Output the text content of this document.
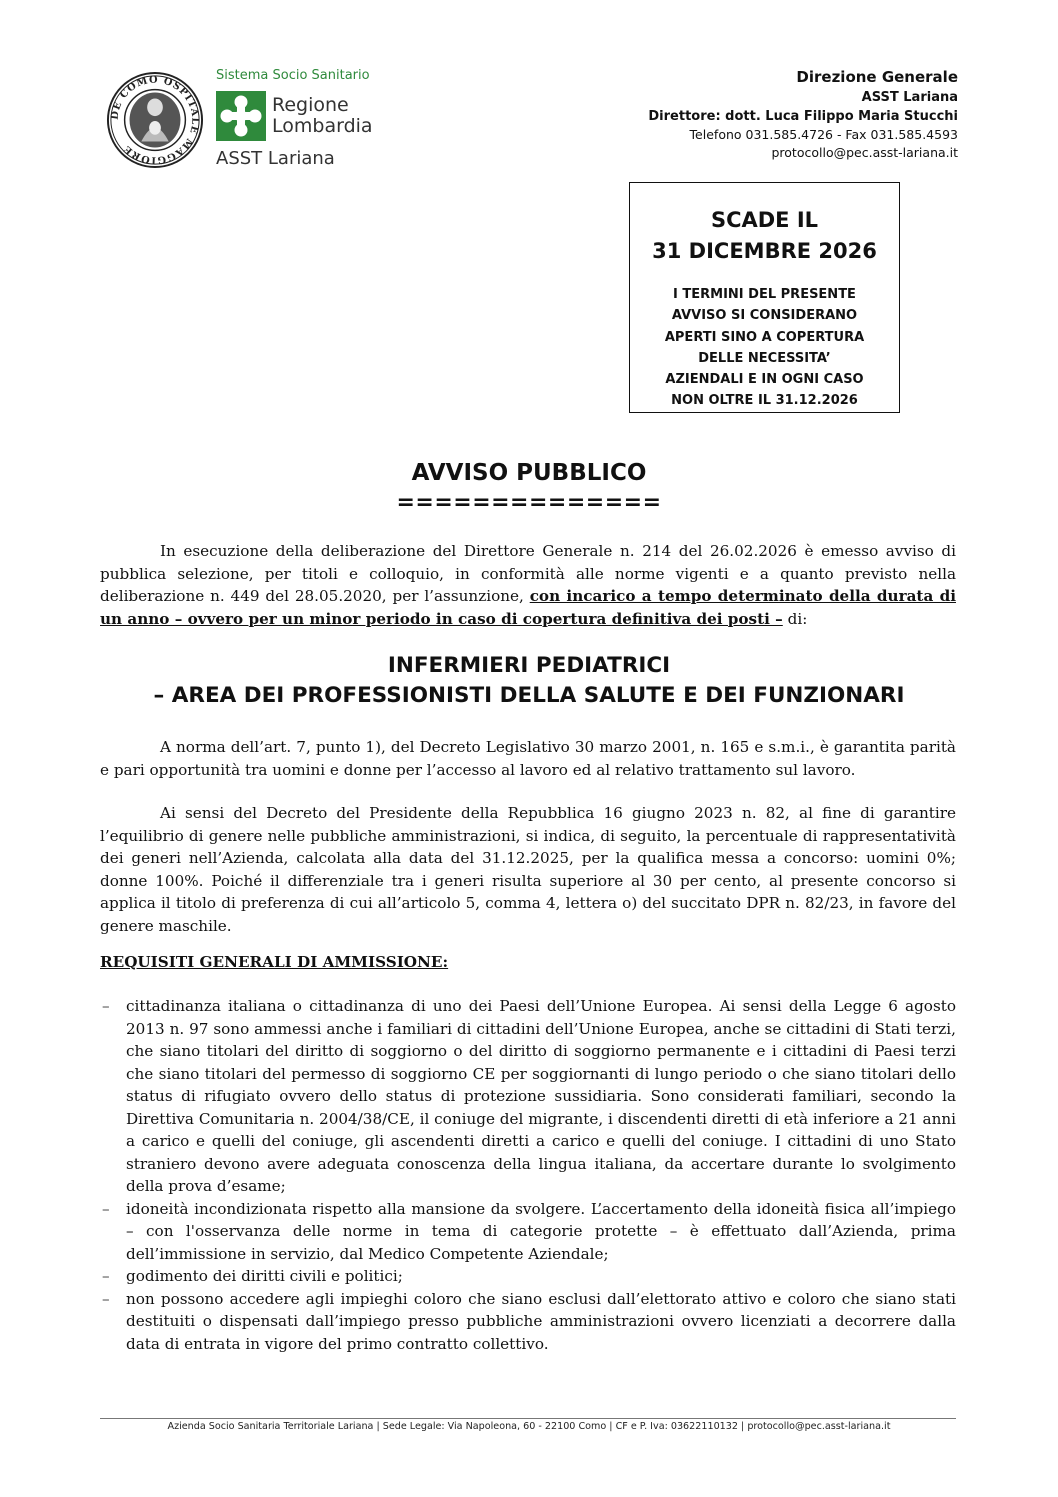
DE COMO OSPITALE MAGGIORE
Sistema Socio Sanitario
Regione
Lombardia
ASST Lariana
Direzione Generale
ASST Lariana
Direttore: dott. Luca Filippo Maria Stucchi
Telefono 031.585.4726 - Fax 031.585.4593
protocollo@pec.asst-lariana.it
SCADE IL
31 DICEMBRE 2026
I TERMINI DEL PRESENTE
AVVISO SI CONSIDERANO
APERTI SINO A COPERTURA
DELLE NECESSITA’
AZIENDALI E IN OGNI CASO
NON OLTRE IL 31.12.2026
AVVISO PUBBLICO
==============
In esecuzione della deliberazione del Direttore Generale n. 214 del 26.02.2026 è emesso avviso di pubblica selezione, per titoli e colloquio, in conformità alle norme vigenti e a quanto previsto nella deliberazione n. 449 del 28.05.2020, per l’assunzione, con incarico a tempo determinato della durata di un anno – ovvero per un minor periodo in caso di copertura definitiva dei posti – di:
INFERMIERI PEDIATRICI
– AREA DEI PROFESSIONISTI DELLA SALUTE E DEI FUNZIONARI
A norma dell’art. 7, punto 1), del Decreto Legislativo 30 marzo 2001, n. 165 e s.m.i., è garantita parità e pari opportunità tra uomini e donne per l’accesso al lavoro ed al relativo trattamento sul lavoro.
Ai sensi del Decreto del Presidente della Repubblica 16 giugno 2023 n. 82, al fine di garantire l’equilibrio di genere nelle pubbliche amministrazioni, si indica, di seguito, la percentuale di rappresentatività dei generi nell’Azienda, calcolata alla data del 31.12.2025, per la qualifica messa a concorso: uomini 0%; donne 100%. Poiché il differenziale tra i generi risulta superiore al 30 per cento, al presente concorso si applica il titolo di preferenza di cui all’articolo 5, comma 4, lettera o) del succitato DPR n. 82/23, in favore del genere maschile.
REQUISITI GENERALI DI AMMISSIONE:
– cittadinanza italiana o cittadinanza di uno dei Paesi dell’Unione Europea. Ai sensi della Legge 6 agosto 2013 n. 97 sono ammessi anche i familiari di cittadini dell’Unione Europea, anche se cittadini di Stati terzi, che siano titolari del diritto di soggiorno o del diritto di soggiorno permanente e i cittadini di Paesi terzi che siano titolari del permesso di soggiorno CE per soggiornanti di lungo periodo o che siano titolari dello status di rifugiato ovvero dello status di protezione sussidiaria. Sono considerati familiari, secondo la Direttiva Comunitaria n. 2004/38/CE, il coniuge del migrante, i discendenti diretti di età inferiore a 21 anni a carico e quelli del coniuge, gli ascendenti diretti a carico e quelli del coniuge. I cittadini di uno Stato straniero devono avere adeguata conoscenza della lingua italiana, da accertare durante lo svolgimento della prova d’esame;
– idoneità incondizionata rispetto alla mansione da svolgere. L’accertamento della idoneità fisica all’impiego – con l'osservanza delle norme in tema di categorie protette – è effettuato dall’Azienda, prima dell’immissione in servizio, dal Medico Competente Aziendale;
– godimento dei diritti civili e politici;
– non possono accedere agli impieghi coloro che siano esclusi dall’elettorato attivo e coloro che siano stati destituiti o dispensati dall’impiego presso pubbliche amministrazioni ovvero licenziati a decorrere dalla data di entrata in vigore del primo contratto collettivo.
Azienda Socio Sanitaria Territoriale Lariana | Sede Legale: Via Napoleona, 60 - 22100 Como | CF e P. Iva: 03622110132 | protocollo@pec.asst-lariana.it
